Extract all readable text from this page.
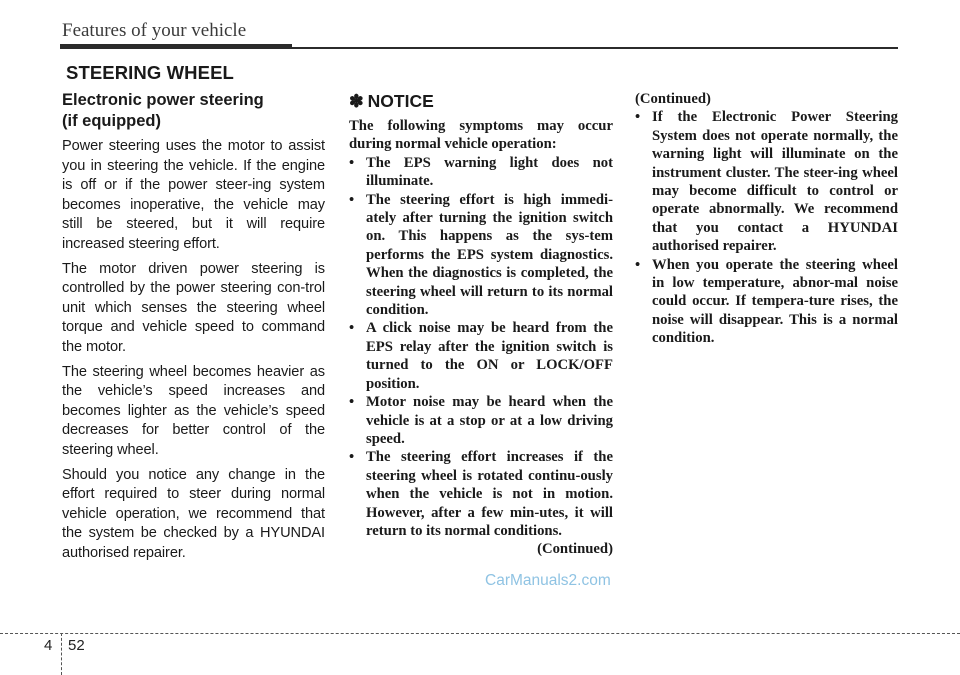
Features of your vehicle
STEERING WHEEL
Electronic power steering
(if equipped)

Power steering uses the motor to assist you in steering the vehicle. If the engine is off or if the power steer-ing system becomes inoperative, the vehicle may still be steered, but it will require increased steering effort.

The motor driven power steering is controlled by the power steering con-trol unit which senses the steering wheel torque and vehicle speed to command the motor.

The steering wheel becomes heavier as the vehicle’s speed increases and becomes lighter as the vehicle’s speed decreases for better control of the steering wheel.

Should you notice any change in the effort required to steer during normal vehicle operation, we recommend that the system be checked by a HYUNDAI authorised repairer.

✽ NOTICE

The following symptoms may occur during normal vehicle operation:

• The EPS warning light does not illuminate.
• The steering effort is high immedi-ately after turning the ignition switch on. This happens as the sys-tem performs the EPS system diagnostics. When the diagnostics is completed, the steering wheel will return to its normal condition.
• A click noise may be heard from the EPS relay after the ignition switch is turned to the ON or LOCK/OFF position.
• Motor noise may be heard when the vehicle is at a stop or at a low driving speed.
• The steering effort increases if the steering wheel is rotated continu-ously when the vehicle is not in motion. However, after a few min-utes, it will return to its normal conditions.
(Continued)
(Continued)
• If the Electronic Power Steering System does not operate normally, the warning light will illuminate on the instrument cluster. The steer-ing wheel may become difficult to control or operate abnormally. We recommend that you contact a HYUNDAI authorised repairer.
• When you operate the steering wheel in low temperature, abnor-mal noise could occur. If tempera-ture rises, the noise will disappear. This is a normal condition.
CarManuals2.com
4 52
